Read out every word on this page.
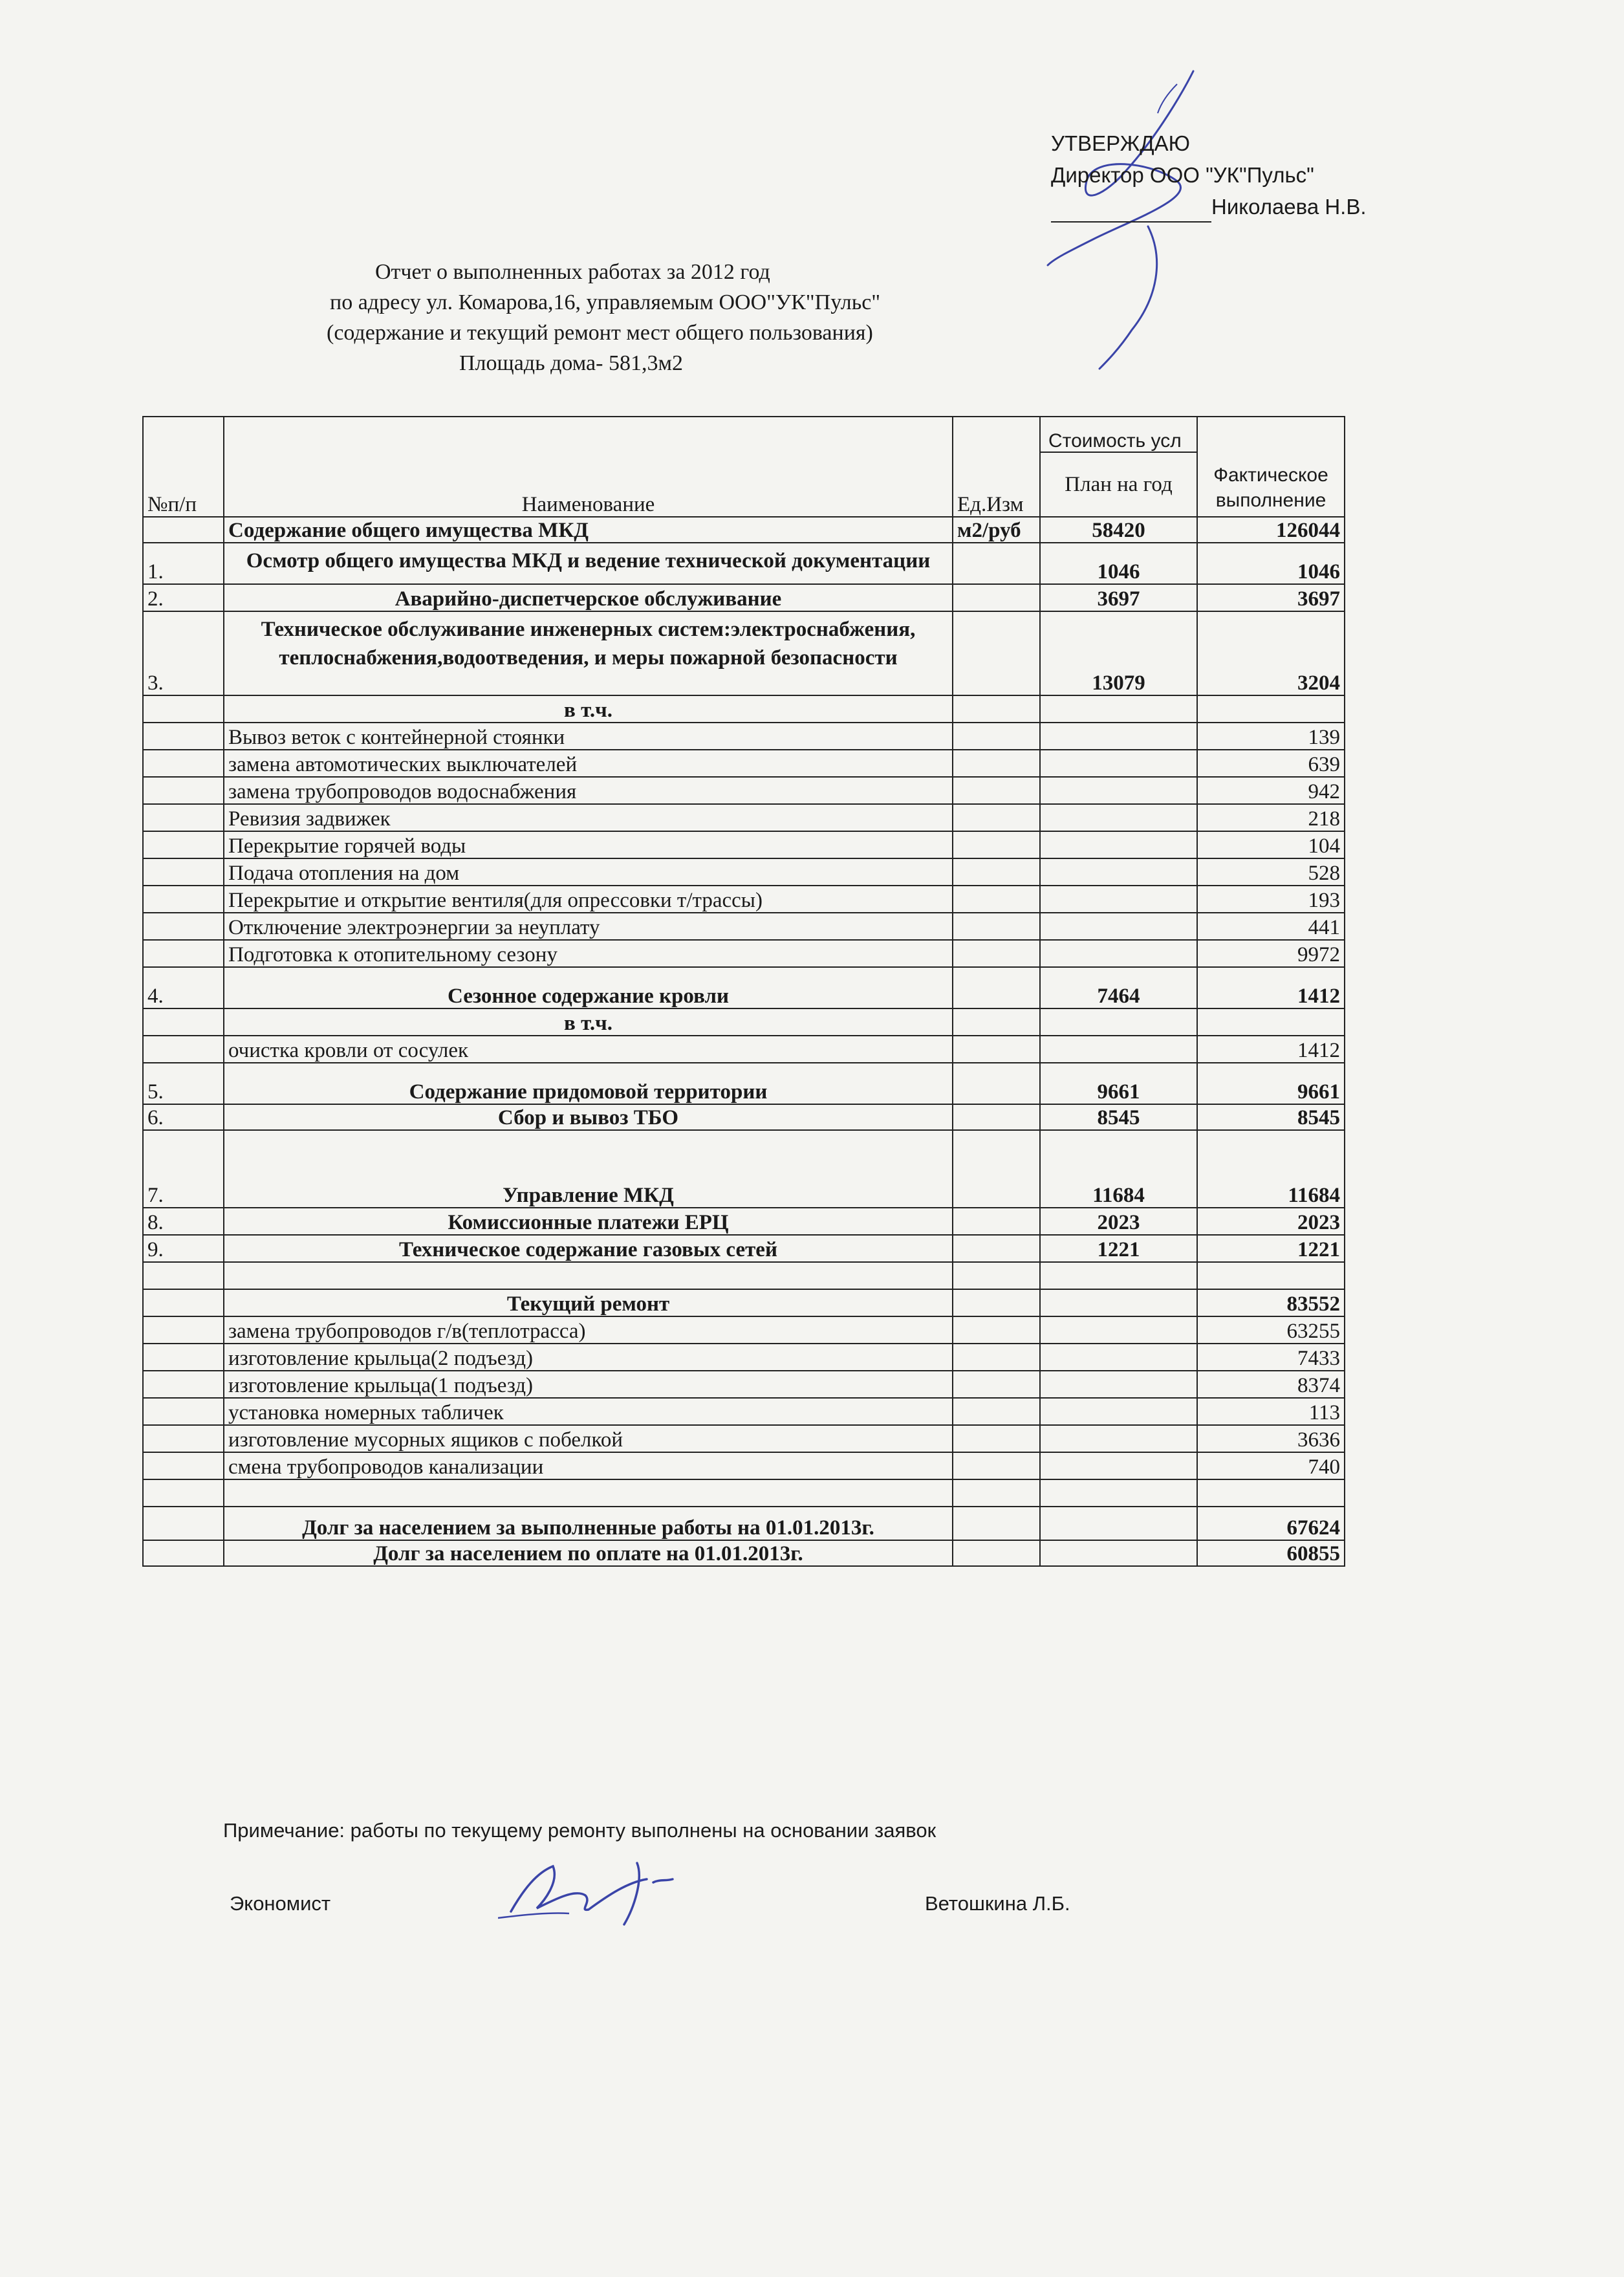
УТВЕРЖДАЮ
Директор ООО "УК"Пульс"
Николаева Н.В.
Отчет о выполненных работах за 2012 год
по адресу ул. Комарова,16, управляемым ООО"УК"Пульс"
(содержание и текущий ремонт мест общего пользования)
Площадь дома- 581,3м2
№п/п	Наименование	Ед.Изм	Стоимость усл	Фактическое выполнение
			План на год	
	Содержание общего имущества МКД	м2/руб	58420	126044
1.	Осмотр общего имущества МКД и ведение технической документации		1046	1046
2.	Аварийно-диспетчерское обслуживание		3697	3697
3.	Техническое обслуживание инженерных систем:электроснабжения, теплоснабжения,водоотведения, и меры пожарной безопасности		13079	3204
	в т.ч.			
	Вывоз веток с контейнерной стоянки			139
	замена автомотических выключателей			639
	замена трубопроводов водоснабжения			942
	Ревизия задвижек			218
	Перекрытие горячей воды			104
	Подача отопления на дом			528
	Перекрытие и открытие вентиля(для опрессовки т/трассы)			193
	Отключение электроэнергии за неуплату			441
	Подготовка к отопительному сезону			9972
4.	Сезонное содержание кровли		7464	1412
	в т.ч.			
	очистка кровли от сосулек			1412
5.	Содержание придомовой территории		9661	9661
6.	Сбор и вывоз ТБО		8545	8545
7.	Управление МКД		11684	11684
8.	Комиссионные платежи ЕРЦ		2023	2023
9.	Техническое содержание газовых сетей		1221	1221

	Текущий ремонт			83552
	замена трубопроводов г/в(теплотрасса)			63255
	изготовление крыльца(2 подъезд)			7433
	изготовление крыльца(1 подъезд)			8374
	установка номерных табличек			113
	изготовление мусорных ящиков с побелкой			3636
	смена трубопроводов канализации			740

	Долг за населением за выполненные работы на 01.01.2013г.			67624
	Долг за населением по оплате на 01.01.2013г.			60855
Примечание: работы по текущему ремонту выполнены на основании заявок
Экономист	Ветошкина Л.Б.
